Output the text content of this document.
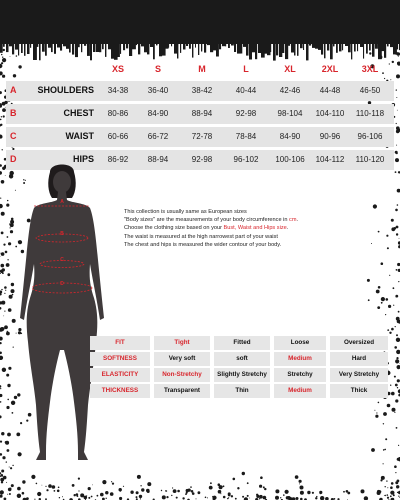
XS	S	M	L	XL	2XL	3XL
A	SHOULDERS	34-38	36-40	38-42	40-44	42-46	44-48	46-50
B	CHEST	80-86	84-90	88-94	92-98	98-104	104-110	110-118
C	WAIST	60-66	66-72	72-78	78-84	84-90	90-96	96-106
D	HIPS	86-92	88-94	92-98	96-102	100-106	104-112	110-120
A
B
C
D
This collection is usually same as European sizes
"Body sizes" are the measurements of your body circumference in cm.
Choose the clothing size based on your Bust, Waist and Hips size.
The waist is measured at the high narrowest part of your waist
The chest and hips is measured the wider contour of your body.
FIT	Tight	Fitted	Loose	Oversized
SOFTNESS	Very soft	soft	Medium	Hard
ELASTICITY	Non-Stretchy	Slightly Stretchy	Stretchy	Very Stretchy
THICKNESS	Transparent	Thin	Medium	Thick
